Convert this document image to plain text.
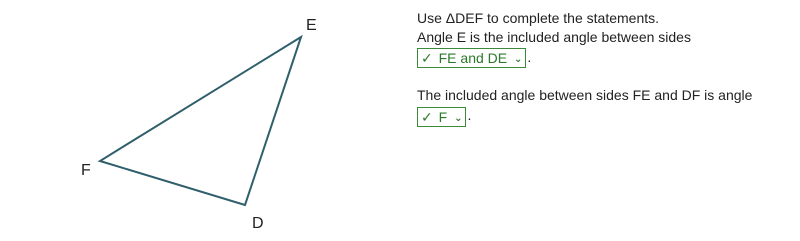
E
F
D
Use ΔDEF to complete the statements.
Angle E is the included angle between sides
✓ FE and DE ⌄ .
The included angle between sides FE and DF is angle
✓ F ⌄ .
